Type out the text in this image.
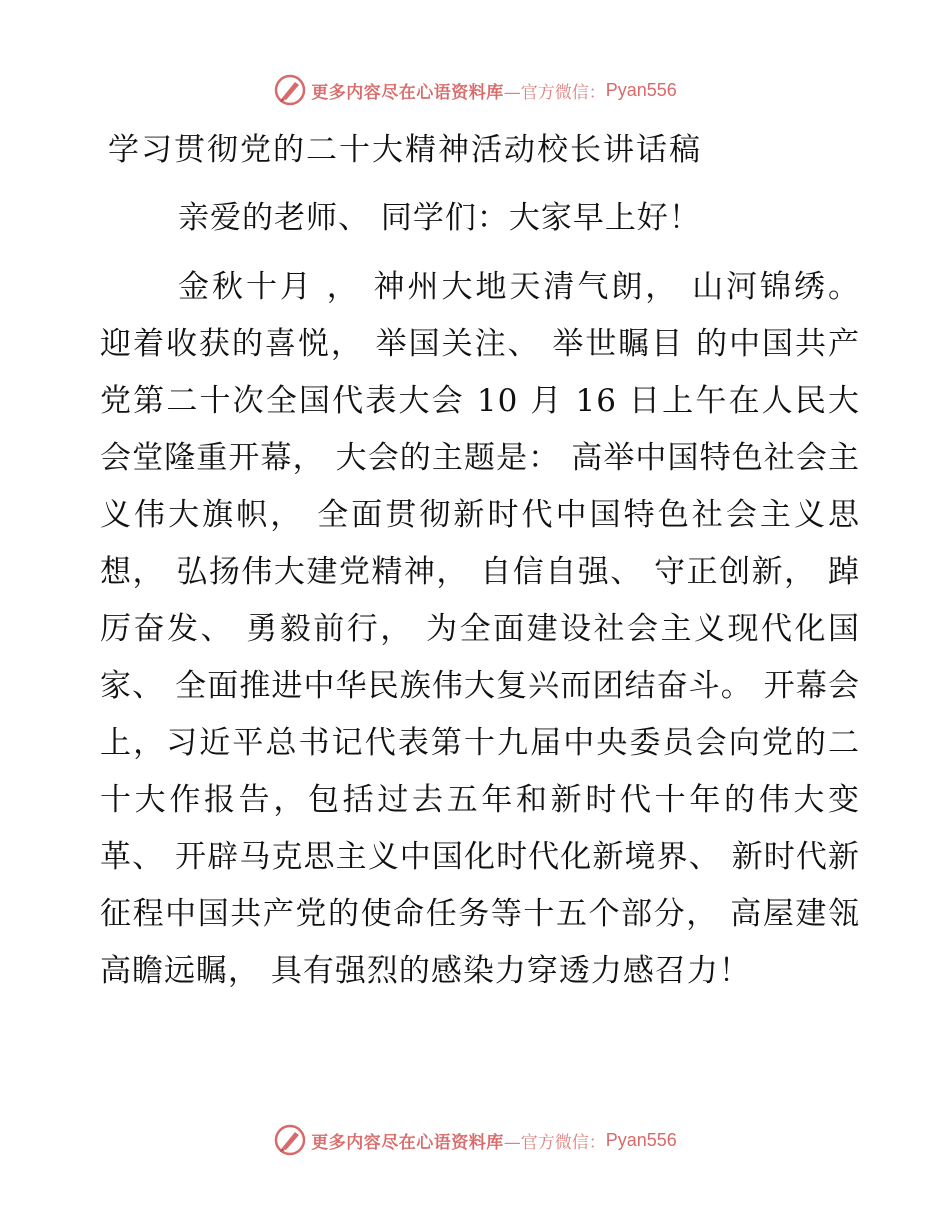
更多内容尽在心语资料库 —官方微信： Pyan556
学习贯彻党的二十大精神活动校长讲话稿

亲爱的老师、 同学们：大家早上好！

金秋十月 ， 神州大地天清气朗， 山河锦绣。 迎着收获的喜悦， 举国关注、 举世瞩目 的中国共产党第二十次全国代表大会 10 月 16 日上午在人民大会堂隆重开幕， 大会的主题是： 高举中国特色社会主义伟大旗帜， 全面贯彻新时代中国特色社会主义思想， 弘扬伟大建党精神， 自信自强、 守正创新， 踔厉奋发、 勇毅前行， 为全面建设社会主义现代化国家、 全面推进中华民族伟大复兴而团结奋斗。 开幕会上，习近平总书记代表第十九届中央委员会向党的二十大作报告，包括过去五年和新时代十年的伟大变革、 开辟马克思主义中国化时代化新境界、 新时代新征程中国共产党的使命任务等十五个部分， 高屋建瓴高瞻远瞩， 具有强烈的感染力穿透力感召力！

更多内容尽在心语资料库 —官方微信： Pyan556
